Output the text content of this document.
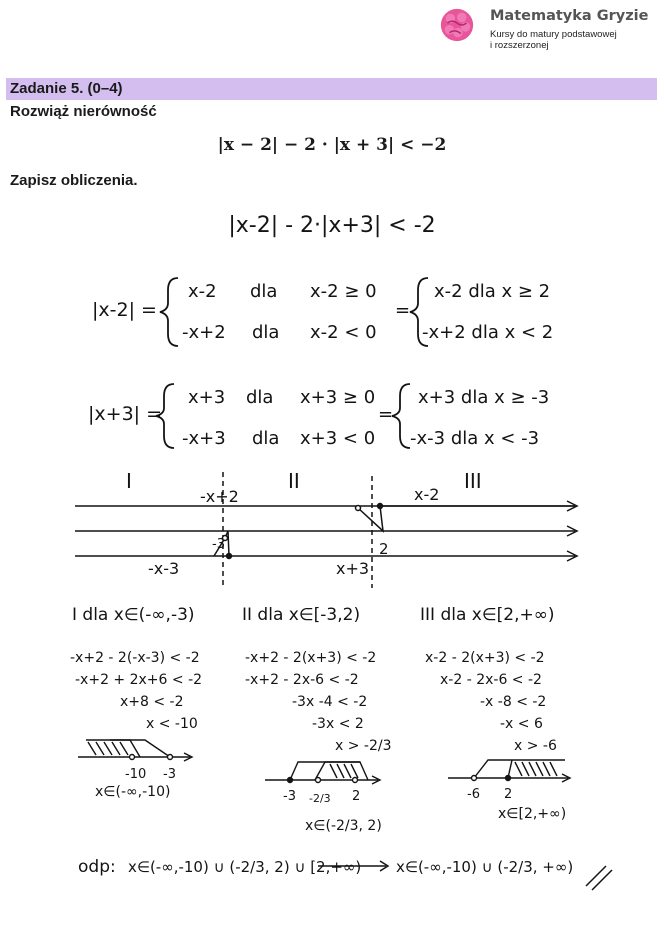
Matematyka Gryzie
Kursy do matury podstawowej
i rozszerzonej
Zadanie 5. (0–4)
Rozwiąż nierówność
|x − 2| − 2 · |x + 3| < −2
Zapisz obliczenia.
|x-2| - 2·|x+3| < -2
|x-2| =
x-2 dla x-2 ≥ 0
-x+2 dla x-2 < 0
=
x-2 dla x ≥ 2
-x+2 dla x < 2
|x+3| =
x+3 dla x+3 ≥ 0
-x+3 dla x+3 < 0
=
x+3 dla x ≥ -3
-x-3 dla x < -3
I	II	III
-x+2	x-2
-x-3	x+3
-3	2
I dla x∈(-∞,-3)	II dla x∈[-3,2)	III dla x∈[2,+∞)
-x+2 - 2(-x-3) < -2
-x+2 + 2x+6 < -2
x+8 < -2
x < -10
-x+2 - 2(x+3) < -2
-x+2 - 2x-6 < -2
-3x -4 < -2
-3x < 2
x > -2/3
x-2 - 2(x+3) < -2
x-2 - 2x-6 < -2
-x -8 < -2
-x < 6
x > -6
-10 -3
x∈(-∞,-10)	-3 -2/3 2
x∈(-2/3, 2)
-6 2
x∈[2,+∞)
odp: x∈(-∞,-10) ∪ (-2/3, 2) ∪ [2,+∞) x∈(-∞,-10) ∪ (-2/3, +∞)
